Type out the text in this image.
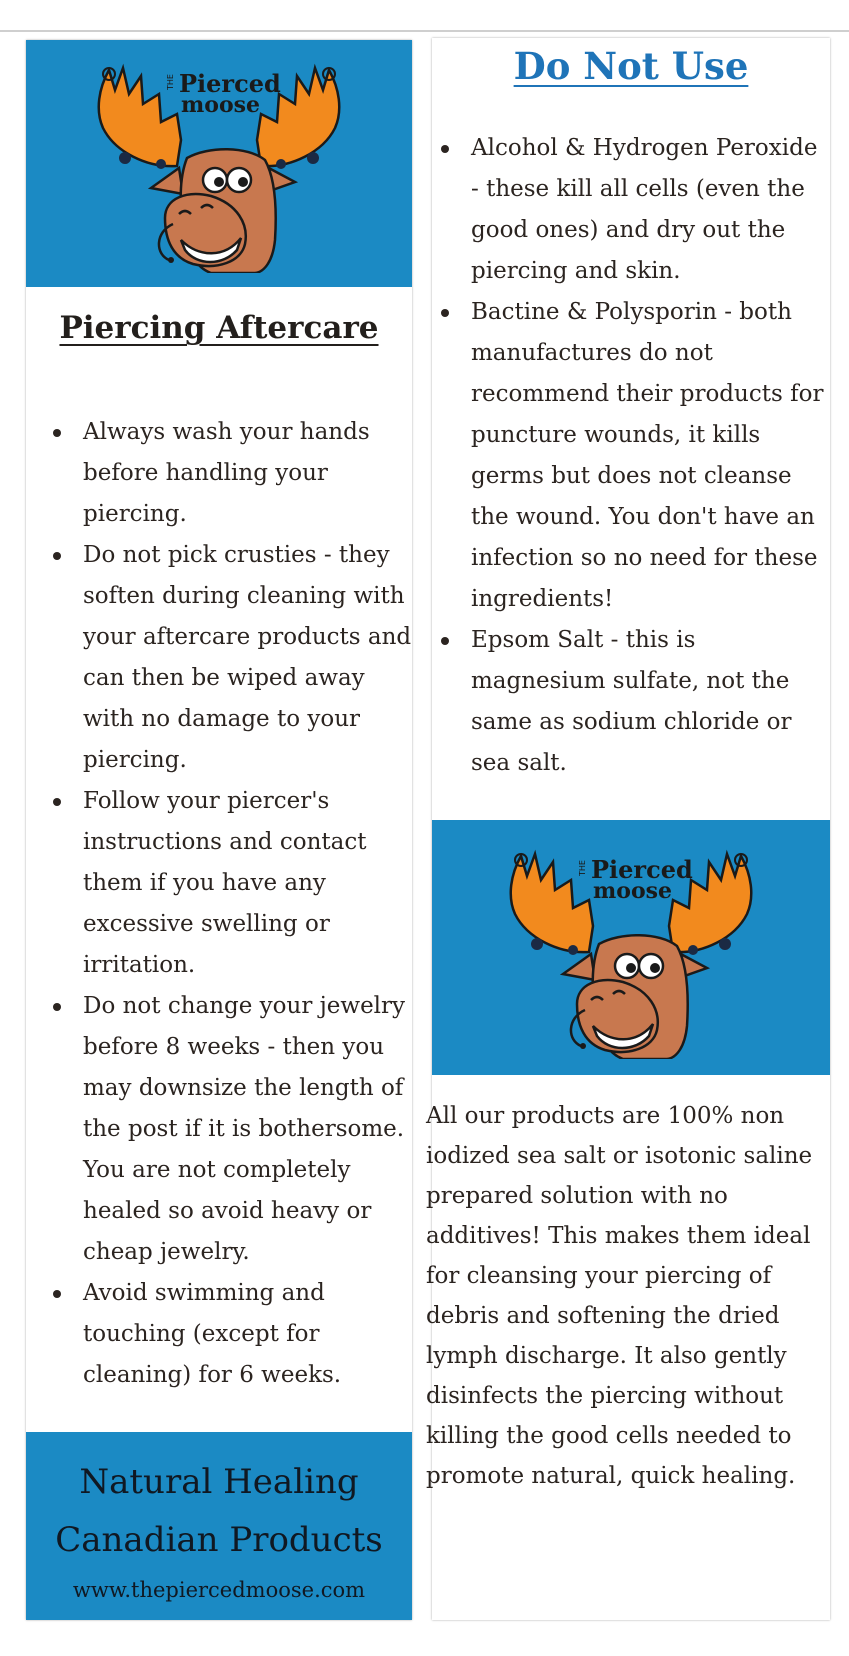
THE Pierced
moose
Piercing Aftercare
Always wash your hands before handling your piercing.
Do not pick crusties - they soften during cleaning with your aftercare products and can then be wiped away with no damage to your piercing.
Follow your piercer's instructions and contact them if you have any excessive swelling or irritation.
Do not change your jewelry before 8 weeks - then you may downsize the length of the post if it is bothersome. You are not completely healed so avoid heavy or cheap jewelry.
Avoid swimming and touching (except for cleaning) for 6 weeks.
Natural Healing
Canadian Products
www.thepiercedmoose.com
Do Not Use
Alcohol & Hydrogen Peroxide - these kill all cells (even the good ones) and dry out the piercing and skin.
Bactine & Polysporin - both manufactures do not recommend their products for puncture wounds, it kills germs but does not cleanse the wound. You don't have an infection so no need for these ingredients!
Epsom Salt - this is magnesium sulfate, not the same as sodium chloride or sea salt.
THE Pierced
moose

All our products are 100% non iodized sea salt or isotonic saline prepared solution with no additives! This makes them ideal for cleansing your piercing of debris and softening the dried lymph discharge. It also gently disinfects the piercing without killing the good cells needed to promote natural, quick healing.
